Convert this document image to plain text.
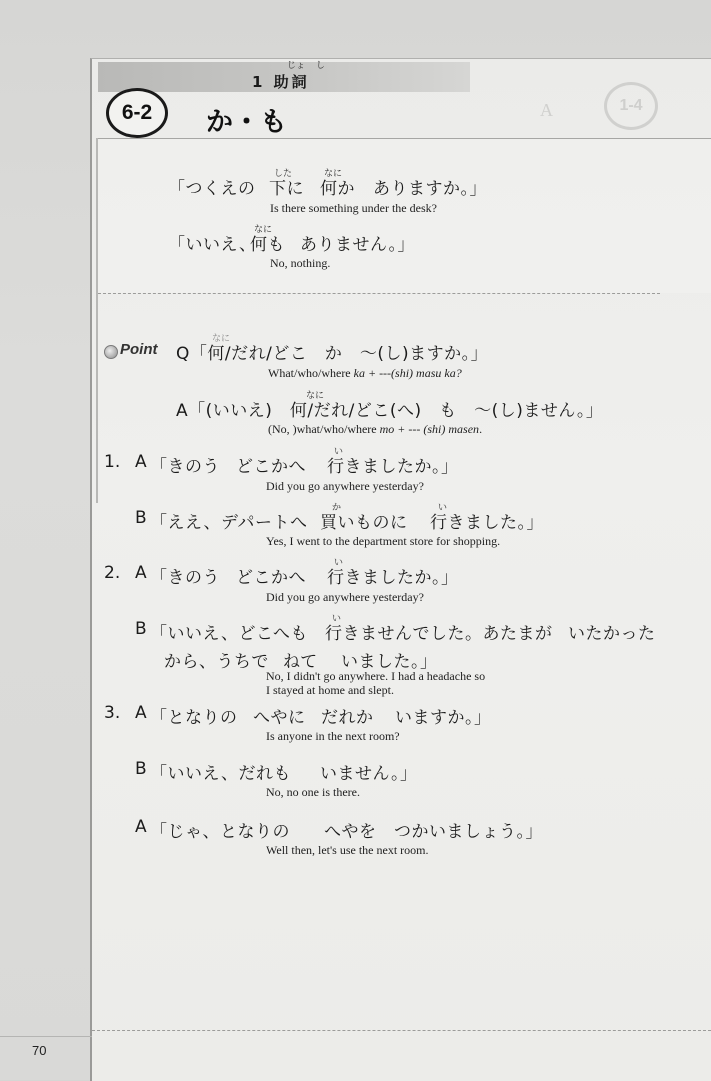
じょ し
1 助詞
6-2	か・も
1-4
A
した	なに
「つくえの 下に 何か ありますか。」
Is there something under the desk?
なに
「いいえ、
何も ありません。」
No, nothing.
Point
なに
Q「何/だれ/どこ　か　～(し)ますか。」
What/who/where ka + ---(shi) masu ka?
なに
A「(いいえ)　何/だれ/どこ(へ)　も　～(し)ません。」
(No, )what/who/where mo + --- (shi) masen.
1. A 「きのう どこかへ
い
行きましたか。」
Did you go anywhere yesterday?
B 「ええ、デパートへ
か
買いものに
い
行きました。」
Yes, I went to the department store for shopping.
2. A 「きのう どこかへ
い
行きましたか。」
Did you go anywhere yesterday?
B 「いいえ、どこへも
い
行きませんでした。あたまが いたかった
から、うちで ねて いました。」
No, I didn't go anywhere. I had a headache so
I stayed at home and slept.
3. A 「となりの へやに だれか いますか。」
Is anyone in the next room?
B 「いいえ、だれも いません。」
No, no one is there.
A 「じゃ、となりの へやを つかいましょう。」
Well then, let's use the next room.
70
